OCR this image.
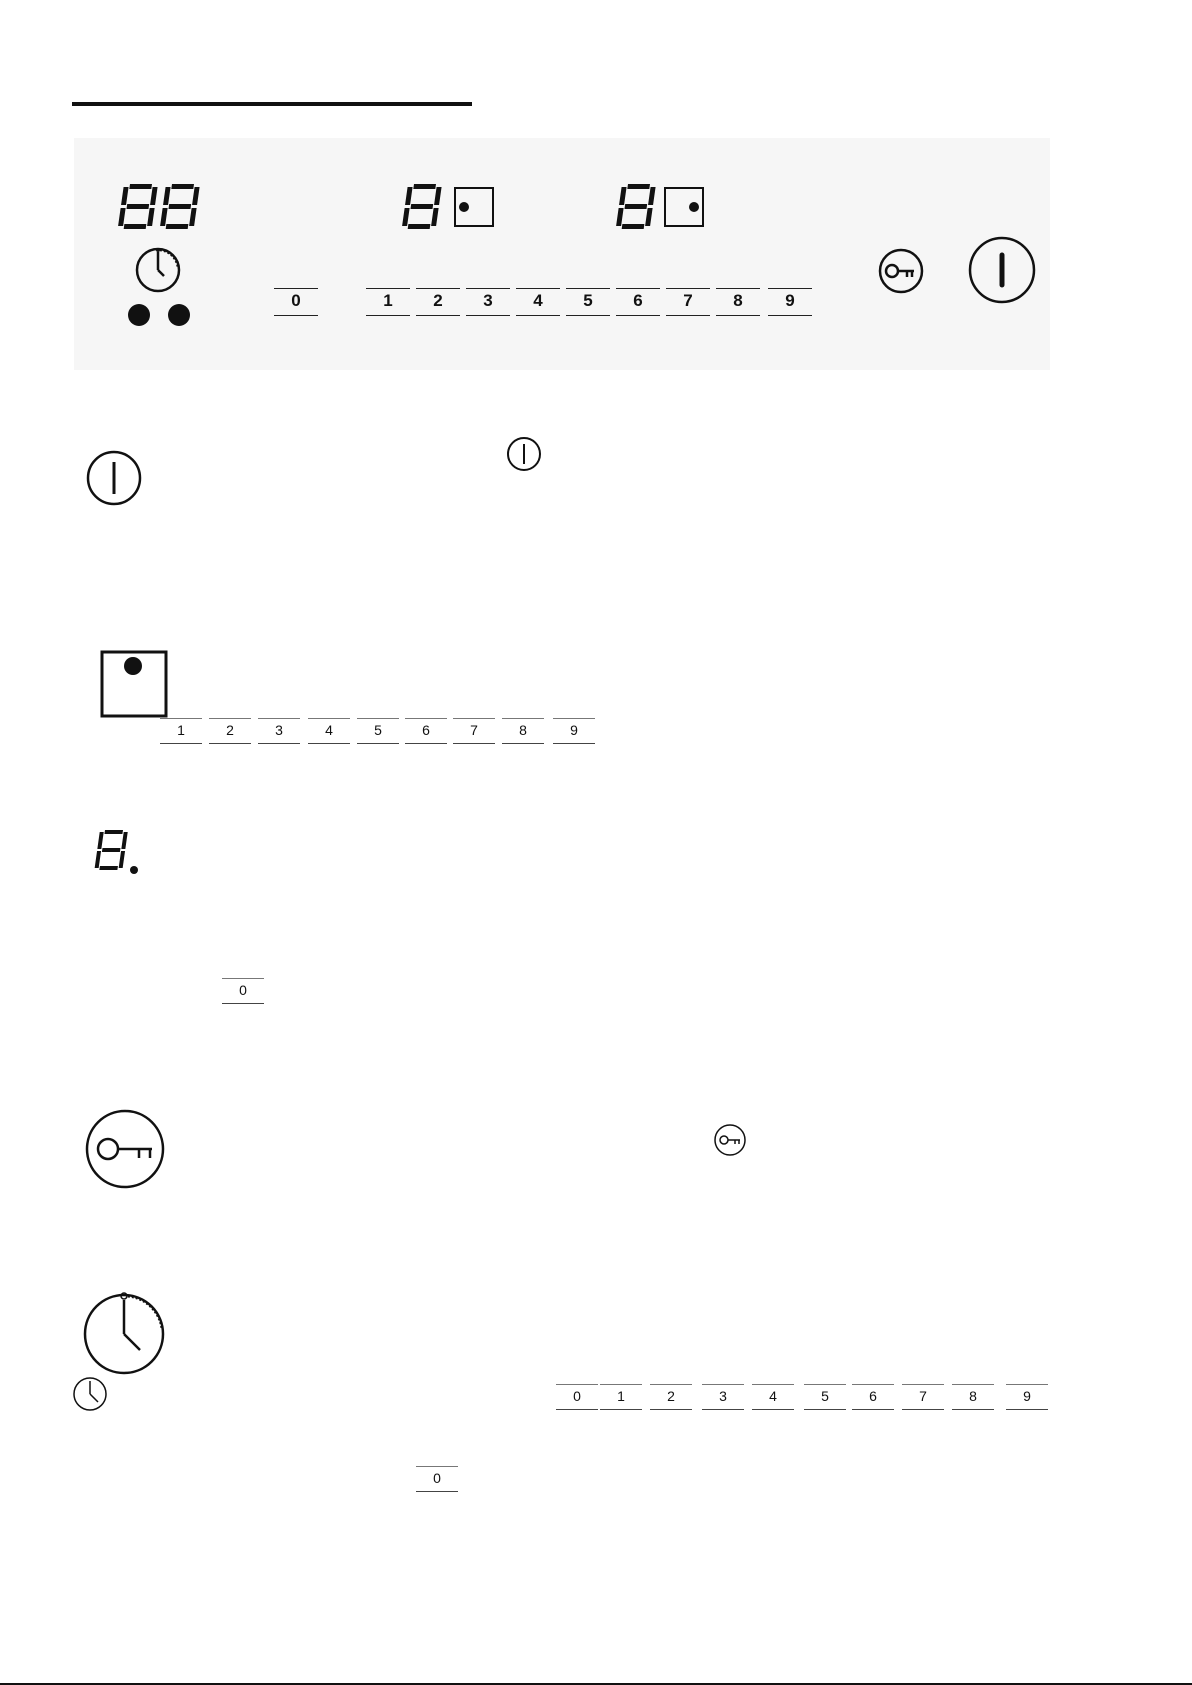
0	1	2	3	4	5	6	7	8	9
1	2	3	4	5	6	7	8	9
0
0	1	2	3	4	5	6	7	8	9
0
